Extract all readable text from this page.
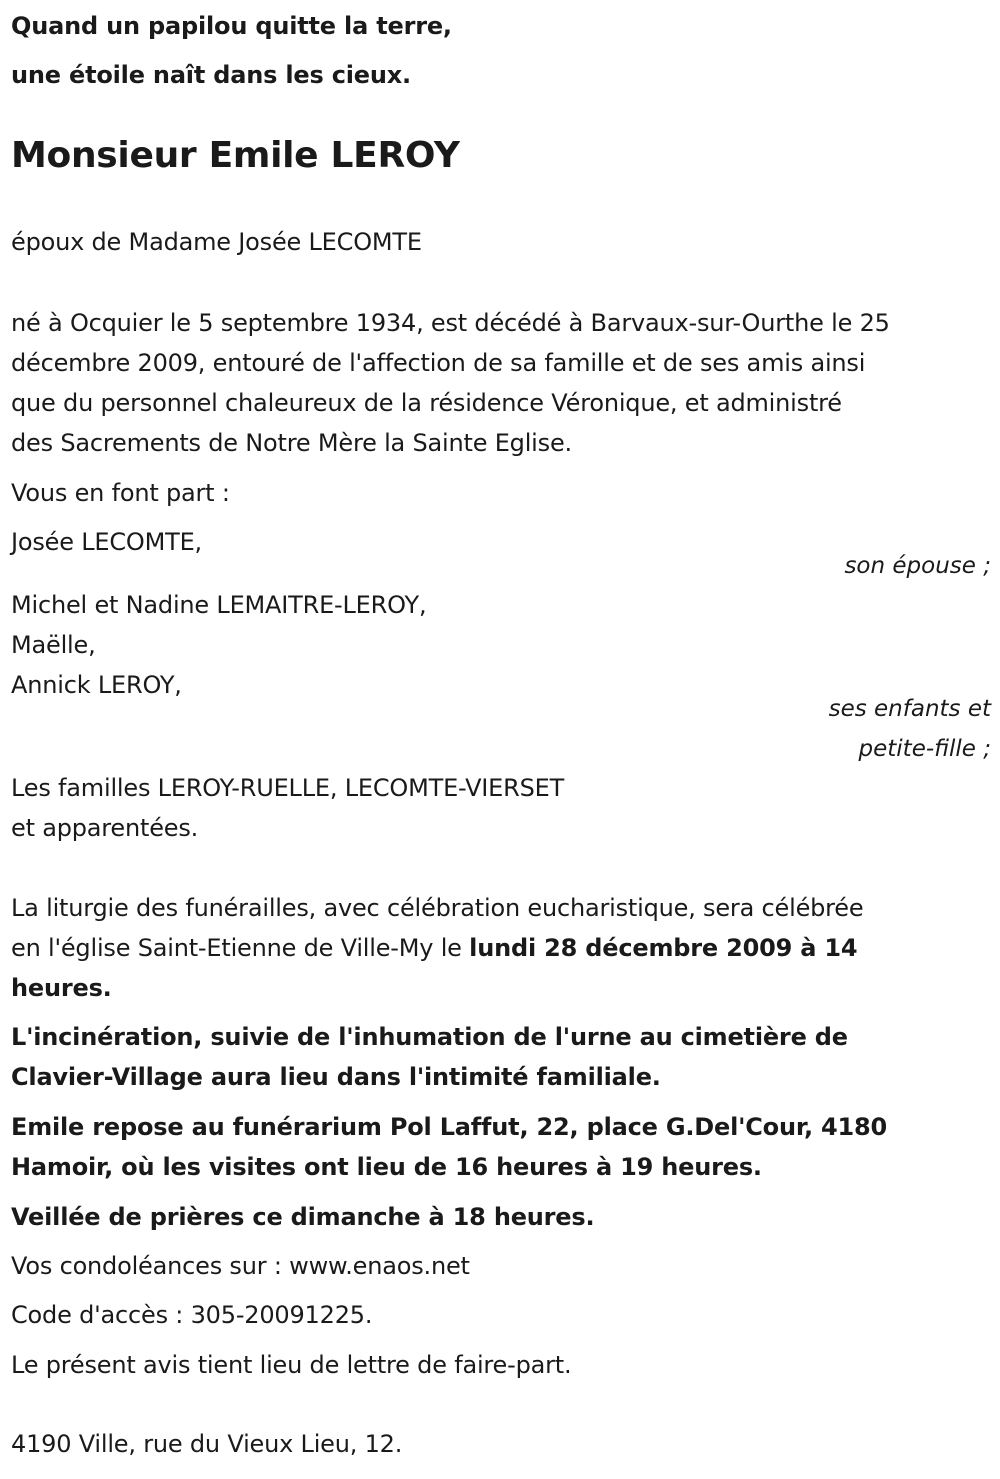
Quand un papilou quitte la terre,
une étoile naît dans les cieux.
Monsieur Emile LEROY
époux de Madame Josée LECOMTE
né à Ocquier le 5 septembre 1934, est décédé à Barvaux-sur-Ourthe le 25
décembre 2009, entouré de l'affection de sa famille et de ses amis ainsi
que du personnel chaleureux de la résidence Véronique, et administré
des Sacrements de Notre Mère la Sainte Eglise.
Vous en font part :
Josée LECOMTE,
son épouse ;
Michel et Nadine LEMAITRE-LEROY,
Maëlle,
Annick LEROY,
ses enfants et
petite-fille ;
Les familles LEROY-RUELLE, LECOMTE-VIERSET
et apparentées.
La liturgie des funérailles, avec célébration eucharistique, sera célébrée
en l'église Saint-Etienne de Ville-My le lundi 28 décembre 2009 à 14
heures.
L'incinération, suivie de l'inhumation de l'urne au cimetière de
Clavier-Village aura lieu dans l'intimité familiale.
Emile repose au funérarium Pol Laffut, 22, place G.Del'Cour, 4180
Hamoir, où les visites ont lieu de 16 heures à 19 heures.
Veillée de prières ce dimanche à 18 heures.
Vos condoléances sur : www.enaos.net
Code d'accès : 305-20091225.
Le présent avis tient lieu de lettre de faire-part.
4190 Ville, rue du Vieux Lieu, 12.
